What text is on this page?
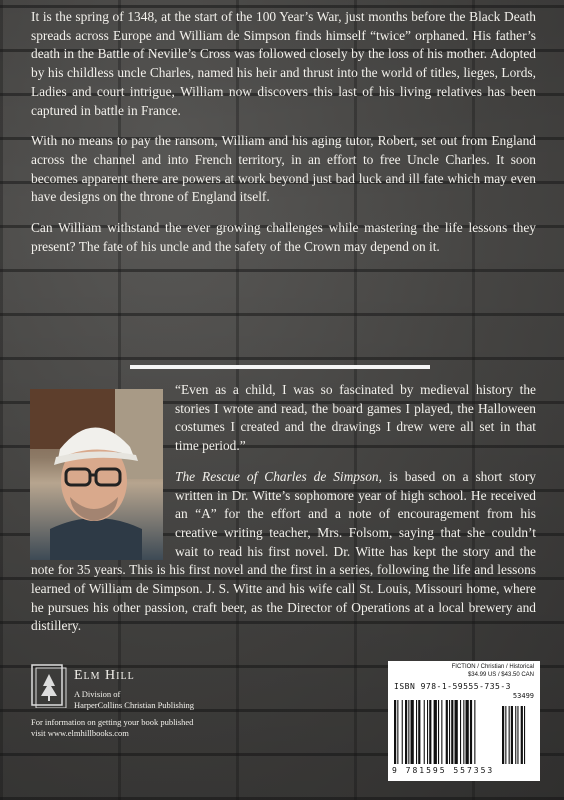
It is the spring of 1348, at the start of the 100 Year’s War, just months before the Black Death spreads across Europe and William de Simpson finds himself “twice” orphaned. His father’s death in the Battle of Neville’s Cross was followed closely by the loss of his mother. Adopted by his childless uncle Charles, named his heir and thrust into the world of titles, lieges, Lords, Ladies and court intrigue, William now discovers this last of his living relatives has been captured in battle in France.

With no means to pay the ransom, William and his aging tutor, Robert, set out from England across the channel and into French territory, in an effort to free Uncle Charles. It soon becomes apparent there are powers at work beyond just bad luck and ill fate which may even have designs on the throne of England itself.

Can William withstand the ever growing challenges while mastering the life lessons they present? The fate of his uncle and the safety of the Crown may depend on it.

“Even as a child, I was so fascinated by medieval history the stories I wrote and read, the board games I played, the Halloween costumes I created and the drawings I drew were all set in that time period.”

The Rescue of Charles de Simpson, is based on a short story written in Dr. Witte’s sophomore year of high school. He received an “A” for the effort and a note of encouragement from his creative writing teacher, Mrs. Folsom, saying that she couldn’t wait to read his first novel. Dr. Witte has kept the story and the note for 35 years. This is his first novel and the first in a series, following the life and lessons learned of William de Simpson. J. S. Witte and his wife call St. Louis, Missouri home, where he pursues his other passion, craft beer, as the Director of Operations at a local brewery and distillery.

Elm Hill
A Division of
HarperCollins Christian Publishing
For information on getting your book published
visit www.elmhillbooks.com
FICTION / Christian / Historical
$34.99 US / $43.50 CAN
ISBN 978-1-59555-735-3
53499
9 781595 557353
